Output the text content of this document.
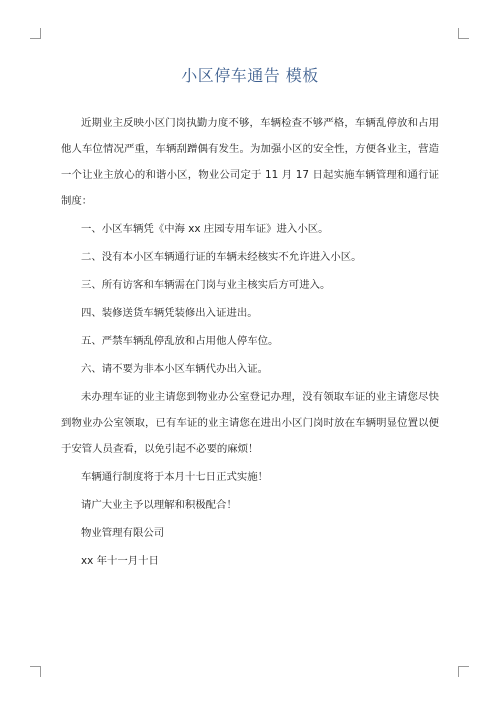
小区停车通告 模板

近期业主反映小区门岗执勤力度不够，车辆检查不够严格，车辆乱停放和占用他人车位情况严重，车辆刮蹭偶有发生。为加强小区的安全性，方便各业主，营造一个让业主放心的和谐小区，物业公司定于 11 月 17 日起实施车辆管理和通行证制度：

一、小区车辆凭《中海 xx 庄园专用车证》进入小区。

二、没有本小区车辆通行证的车辆未经核实不允许进入小区。

三、所有访客和车辆需在门岗与业主核实后方可进入。

四、装修送货车辆凭装修出入证进出。

五、严禁车辆乱停乱放和占用他人停车位。

六、请不要为非本小区车辆代办出入证。

未办理车证的业主请您到物业办公室登记办理，没有领取车证的业主请您尽快到物业办公室领取，已有车证的业主请您在进出小区门岗时放在车辆明显位置以便于安管人员查看，以免引起不必要的麻烦！

车辆通行制度将于本月十七日正式实施！

请广大业主予以理解和积极配合！

物业管理有限公司

xx 年十一月十日
